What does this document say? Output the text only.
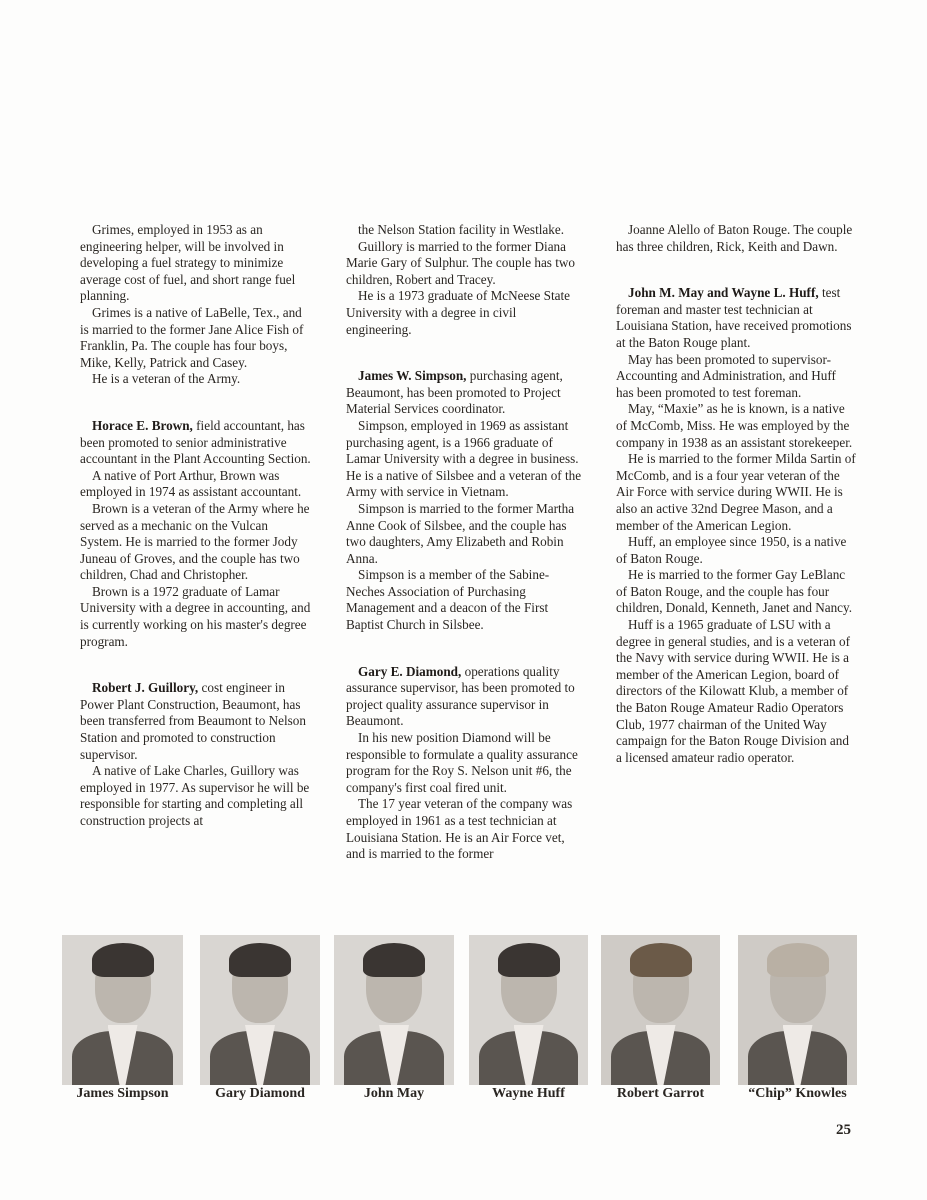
Grimes, employed in 1953 as an engineering helper, will be involved in developing a fuel strategy to minimize average cost of fuel, and short range fuel planning.

Grimes is a native of LaBelle, Tex., and is married to the former Jane Alice Fish of Franklin, Pa. The couple has four boys, Mike, Kelly, Patrick and Casey.

He is a veteran of the Army.

Horace E. Brown, field accountant, has been promoted to senior administrative accountant in the Plant Accounting Section.

A native of Port Arthur, Brown was employed in 1974 as assistant accountant.

Brown is a veteran of the Army where he served as a mechanic on the Vulcan System. He is married to the former Jody Juneau of Groves, and the couple has two children, Chad and Christopher.

Brown is a 1972 graduate of Lamar University with a degree in accounting, and is currently working on his master's degree program.

Robert J. Guillory, cost engineer in Power Plant Construction, Beaumont, has been transferred from Beaumont to Nelson Station and promoted to construction supervisor.

A native of Lake Charles, Guillory was employed in 1977. As supervisor he will be responsible for starting and completing all construction projects at

the Nelson Station facility in Westlake.

Guillory is married to the former Diana Marie Gary of Sulphur. The couple has two children, Robert and Tracey.

He is a 1973 graduate of McNeese State University with a degree in civil engineering.

James W. Simpson, purchasing agent, Beaumont, has been promoted to Project Material Services coordinator.

Simpson, employed in 1969 as assistant purchasing agent, is a 1966 graduate of Lamar University with a degree in business. He is a native of Silsbee and a veteran of the Army with service in Vietnam.

Simpson is married to the former Martha Anne Cook of Silsbee, and the couple has two daughters, Amy Elizabeth and Robin Anna.

Simpson is a member of the Sabine-Neches Association of Purchasing Management and a deacon of the First Baptist Church in Silsbee.

Gary E. Diamond, operations quality assurance supervisor, has been promoted to project quality assurance supervisor in Beaumont.

In his new position Diamond will be responsible to formulate a quality assurance program for the Roy S. Nelson unit #6, the company's first coal fired unit.

The 17 year veteran of the company was employed in 1961 as a test technician at Louisiana Station. He is an Air Force vet, and is married to the former

Joanne Alello of Baton Rouge. The couple has three children, Rick, Keith and Dawn.

John M. May and Wayne L. Huff, test foreman and master test technician at Louisiana Station, have received promotions at the Baton Rouge plant.

May has been promoted to supervisor-Accounting and Administration, and Huff has been promoted to test foreman.

May, “Maxie” as he is known, is a native of McComb, Miss. He was employed by the company in 1938 as an assistant storekeeper.

He is married to the former Milda Sartin of McComb, and is a four year veteran of the Air Force with service during WWII. He is also an active 32nd Degree Mason, and a member of the American Legion.

Huff, an employee since 1950, is a native of Baton Rouge.

He is married to the former Gay LeBlanc of Baton Rouge, and the couple has four children, Donald, Kenneth, Janet and Nancy.

Huff is a 1965 graduate of LSU with a degree in general studies, and is a veteran of the Navy with service during WWII. He is a member of the American Legion, board of directors of the Kilowatt Klub, a member of the Baton Rouge Amateur Radio Operators Club, 1977 chairman of the United Way campaign for the Baton Rouge Division and a licensed amateur radio operator.

James Simpson	Gary Diamond	John May	Wayne Huff	Robert Garrot	“Chip” Knowles
25
